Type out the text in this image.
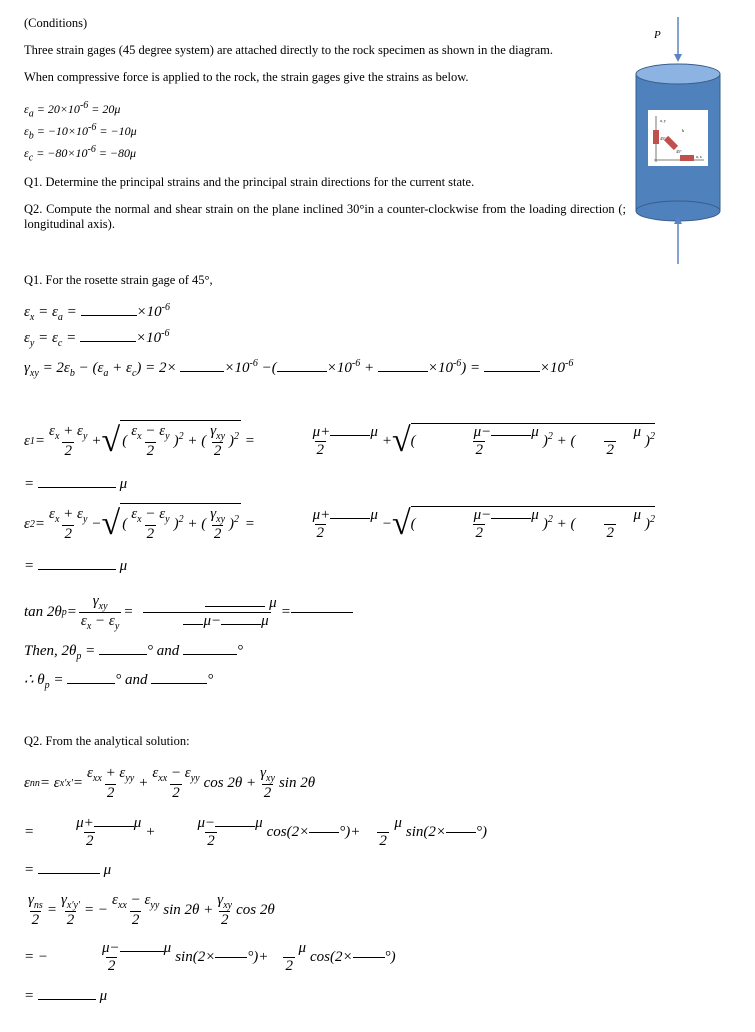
(Conditions)
Three strain gages (45 degree system) are attached directly to the rock specimen as shown in the diagram.
When compressive force is applied to the rock, the strain gages give the strains as below.
$\varepsilon_a = 20\times 10^{-6} = 20\mu$
$\varepsilon_b = -10\times 10^{-6} = -10\mu$
$\varepsilon_c = -80\times 10^{-6} = -80\mu$
Q1. Determine the principal strains and the principal strain directions for the current state.
Q2. Compute the normal and shear strain on the plane inclined 30°in a counter-clockwise from the loading direction (; longitudinal axis).
P
a, y
a, x
45°
45°
b
Q1. For the rosette strain gage of 45°,
$\varepsilon_x = \varepsilon_a$ =	$\times 10^{-6}$
$\varepsilon_y = \varepsilon_c$ =	$\times 10^{-6}$
$\gamma_{xy} = 2\varepsilon_b - (\varepsilon_a + \varepsilon_c) = 2\times$	$\times 10^{-6}$ −(	$\times 10^{-6}$ +	$\times 10^{-6}$) =	$\times 10^{-6}$
ε $1 = \frac{\varepsilon_x + \varepsilon_y}{2}$ + √ ( $\frac{\varepsilon_x - \varepsilon_y}{2} )^2$ + ( $\frac{\gamma_{xy}}{2} )^2 = \mu+$	μ
2 + √ ( μ−	μ
2 )$^2$ + ( $\frac{\mu}{2} )^2$
=	μ
ε $2 = \frac{\varepsilon_x + \varepsilon_y}{2}$ − √ ( $\frac{\varepsilon_x - \varepsilon_y}{2} )^2$ + ( $\frac{\gamma_{xy}}{2} )^2 = \mu+$	μ
2 − √ ( μ−	μ
2 )$^2$ + ( $\frac{\mu}{2} )^2$
=	μ
tan 2θ $p = \frac{\gamma_{xy}}{\varepsilon_x - \varepsilon_y} = \mu$
μ−	μ =
Then, $2\theta_p$ =	° and	°
∴ $\theta_p$ =	° and	°
Q2. From the analytical solution:
ε nn = ε $x'x' = \frac{\varepsilon_{xx} + \varepsilon_{yy}}{2} + \frac{\varepsilon_{xx} - \varepsilon_{yy}}{2}$ $\cos 2\theta + \frac{\gamma_{xy}}{2}$ sin 2θ
= μ+	μ
2 + μ−	μ
2 cos(2× °)+ $\frac{\mu}{2} \sin(2\times$ °)
=	μ
$\frac{\gamma_{ns}}{2} = \frac{\gamma_{x'y'}}{2}$ = − $\frac{\varepsilon_{xx} - \varepsilon_{yy}}{2}$ $\sin 2\theta + \frac{\gamma_{xy}}{2}$ cos 2θ
= − μ−	μ
2 sin(2× °)+ $\frac{\mu}{2} \cos(2\times$ °)
=	μ
